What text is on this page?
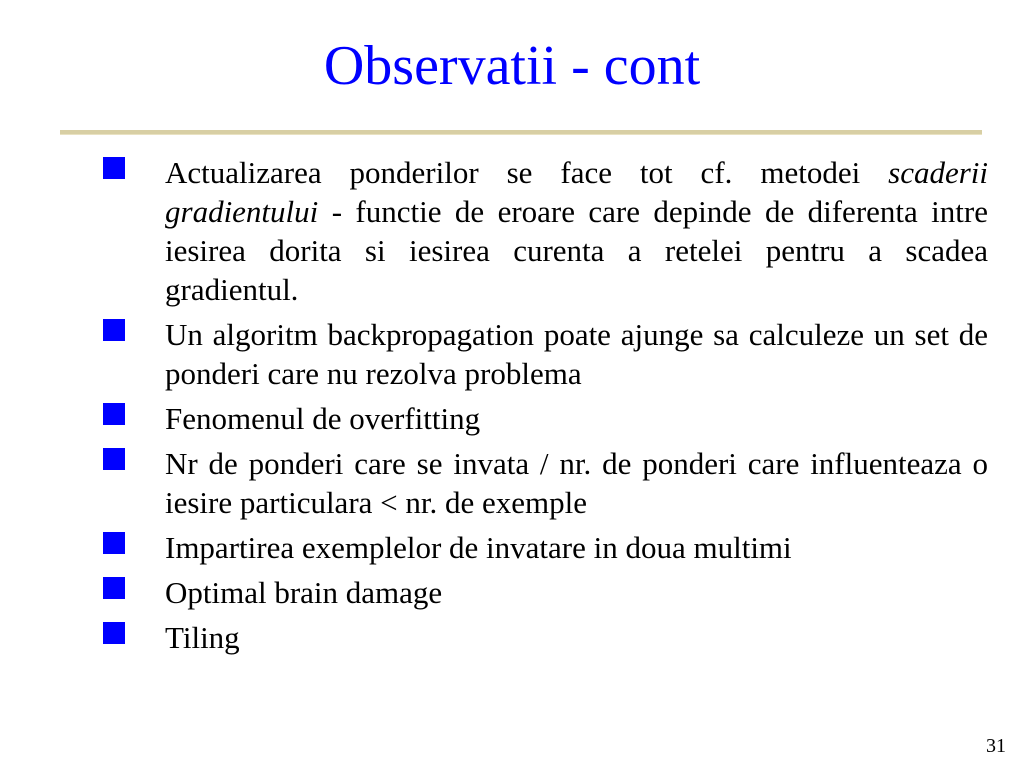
Observatii - cont
Actualizarea ponderilor se face tot cf. metodei scaderii gradientului - functie de eroare care depinde de diferenta intre iesirea dorita si iesirea curenta a retelei pentru a scadea gradientul.
Un algoritm backpropagation poate ajunge sa calculeze un set de ponderi care nu rezolva problema
Fenomenul de overfitting
Nr de ponderi care se invata / nr. de ponderi care influenteaza o iesire particulara < nr. de exemple
Impartirea exemplelor de invatare in doua multimi
Optimal brain damage
Tiling
31
